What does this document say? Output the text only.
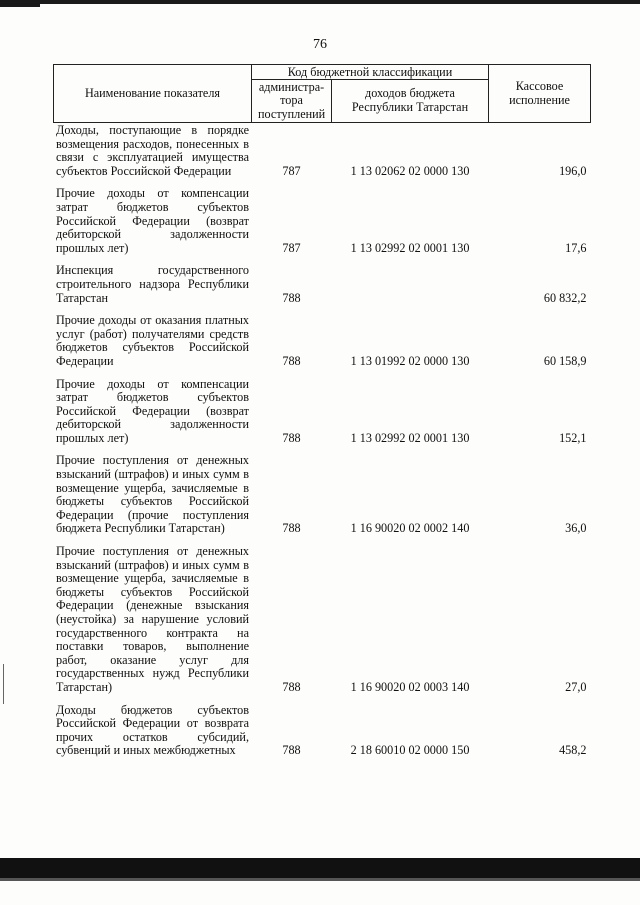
76
Наименование показателя	Код бюджетной классификации		Кассовое исполнение
	администра-тора поступлений	доходов бюджета Республики Татарстан	
Доходы, поступающие в порядке возмещения расходов, понесенных в связи с эксплуатацией имущества субъектов Российской Федерации	787	1 13 02062 02 0000 130	196,0
Прочие доходы от компенсации затрат бюджетов субъектов Российской Федерации (возврат дебиторской задолженности прошлых лет)	787	1 13 02992 02 0001 130	17,6
Инспекция государственного строительного надзора Республики Татарстан	788		60 832,2
Прочие доходы от оказания платных услуг (работ) получателями средств бюджетов субъектов Российской Федерации	788	1 13 01992 02 0000 130	60 158,9
Прочие доходы от компенсации затрат бюджетов субъектов Российской Федерации (возврат дебиторской задолженности прошлых лет)	788	1 13 02992 02 0001 130	152,1
Прочие поступления от денежных взысканий (штрафов) и иных сумм в возмещение ущерба, зачисляемые в бюджеты субъектов Российской Федерации (прочие поступления бюджета Республики Татарстан)	788	1 16 90020 02 0002 140	36,0
Прочие поступления от денежных взысканий (штрафов) и иных сумм в возмещение ущерба, зачисляемые в бюджеты субъектов Российской Федерации (денежные взыскания (неустойка) за нарушение условий государственного контракта на поставки товаров, выполнение работ, оказание услуг для государственных нужд Республики Татарстан)	788	1 16 90020 02 0003 140	27,0
Доходы бюджетов субъектов Российской Федерации от возврата прочих остатков субсидий, субвенций и иных межбюджетных	788	2 18 60010 02 0000 150	458,2
